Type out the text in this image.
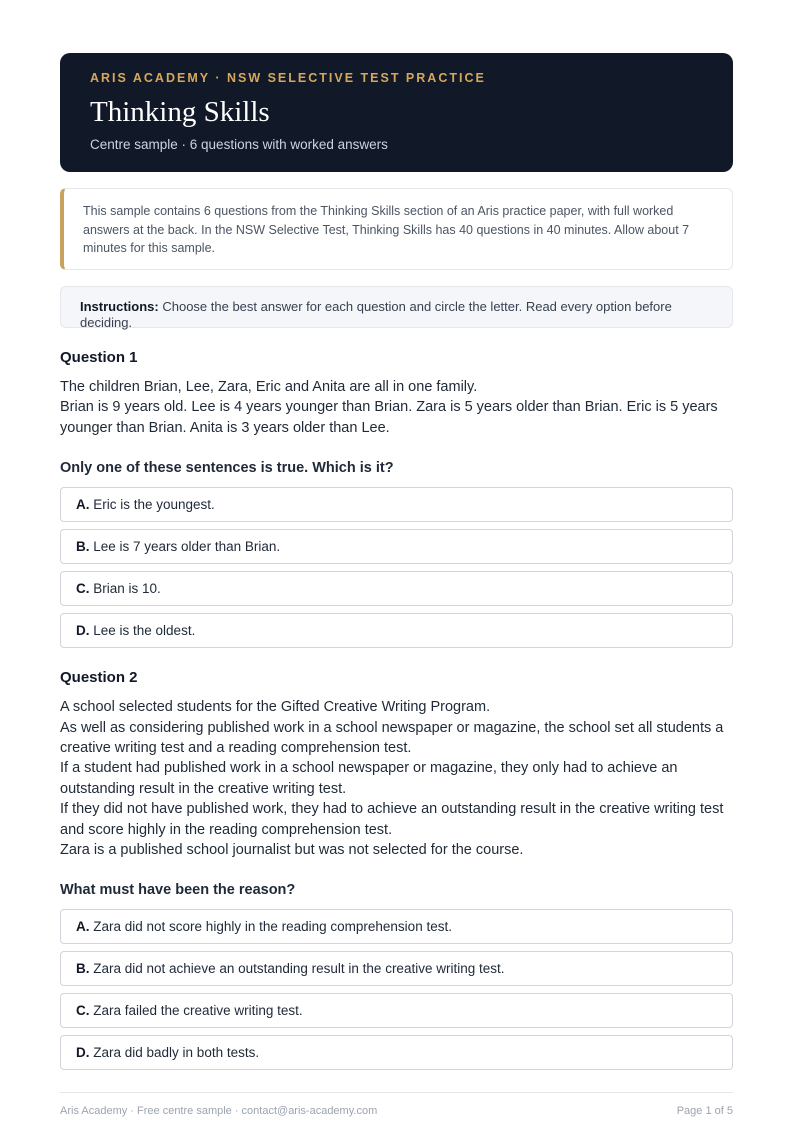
ARIS ACADEMY · NSW SELECTIVE TEST PRACTICE
Thinking Skills
Centre sample · 6 questions with worked answers
This sample contains 6 questions from the Thinking Skills section of an Aris practice paper, with full worked answers at the back. In the NSW Selective Test, Thinking Skills has 40 questions in 40 minutes. Allow about 7 minutes for this sample.
Instructions: Choose the best answer for each question and circle the letter. Read every option before deciding.
Question 1

The children Brian, Lee, Zara, Eric and Anita are all in one family.

Brian is 9 years old. Lee is 4 years younger than Brian. Zara is 5 years older than Brian. Eric is 5 years younger than Brian. Anita is 3 years older than Lee.

Only one of these sentences is true. Which is it?
A. Eric is the youngest.
B. Lee is 7 years older than Brian.
C. Brian is 10.
D. Lee is the oldest.
Question 2

A school selected students for the Gifted Creative Writing Program.

As well as considering published work in a school newspaper or magazine, the school set all students a creative writing test and a reading comprehension test.

If a student had published work in a school newspaper or magazine, they only had to achieve an outstanding result in the creative writing test.

If they did not have published work, they had to achieve an outstanding result in the creative writing test and score highly in the reading comprehension test.

Zara is a published school journalist but was not selected for the course.

What must have been the reason?
A. Zara did not score highly in the reading comprehension test.
B. Zara did not achieve an outstanding result in the creative writing test.
C. Zara failed the creative writing test.
D. Zara did badly in both tests.
Aris Academy · Free centre sample · contact@aris-academy.com	Page 1 of 5
